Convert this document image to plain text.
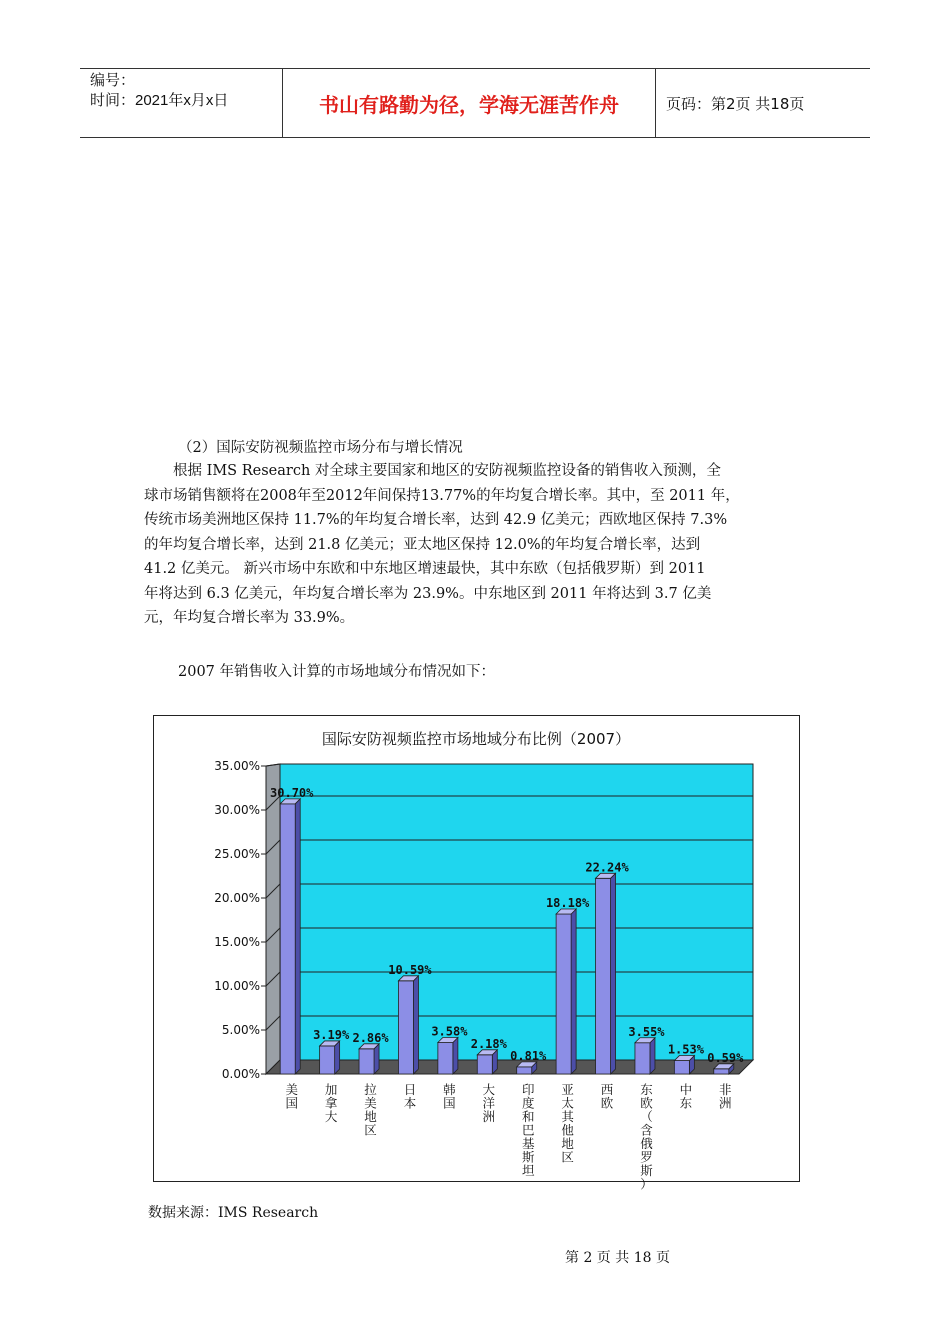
编号：
时间：2021年x月x日	书山有路勤为径，学海无涯苦作舟	页码：第2页 共18页
（2）国际安防视频监控市场分布与增长情况
　　根据 IMS Research 对全球主要国家和地区的安防视频监控设备的销售收入预测，全
球市场销售额将在2008年至2012年间保持13.77%的年均复合增长率。其中，至 2011 年，
传统市场美洲地区保持 11.7%的年均复合增长率，达到 42.9 亿美元；西欧地区保持 7.3%
的年均复合增长率，达到 21.8 亿美元；亚太地区保持 12.0%的年均复合增长率，达到
41.2 亿美元。 新兴市场中东欧和中东地区增速最快，其中东欧（包括俄罗斯）到 2011
年将达到 6.3 亿美元，年均复合增长率为 23.9%。中东地区到 2011 年将达到 3.7 亿美
元，年均复合增长率为 33.9%。
2007 年销售收入计算的市场地域分布情况如下：
国际安防视频监控市场地域分布比例（2007）
0.00%
5.00%
10.00%
15.00%
20.00%
25.00%
30.00%
35.00%
30.70%
美国
3.19%
加拿大
2.86%
拉美地区
10.59%
日本
3.58%
韩国
2.18%
大洋洲
0.81%
印度和巴基斯坦
18.18%
亚太其他地区
22.24%
西欧
3.55%
东欧（含俄罗斯）
1.53%
中东
0.59%
非洲
数据来源：IMS Research
第 2 页 共 18 页
